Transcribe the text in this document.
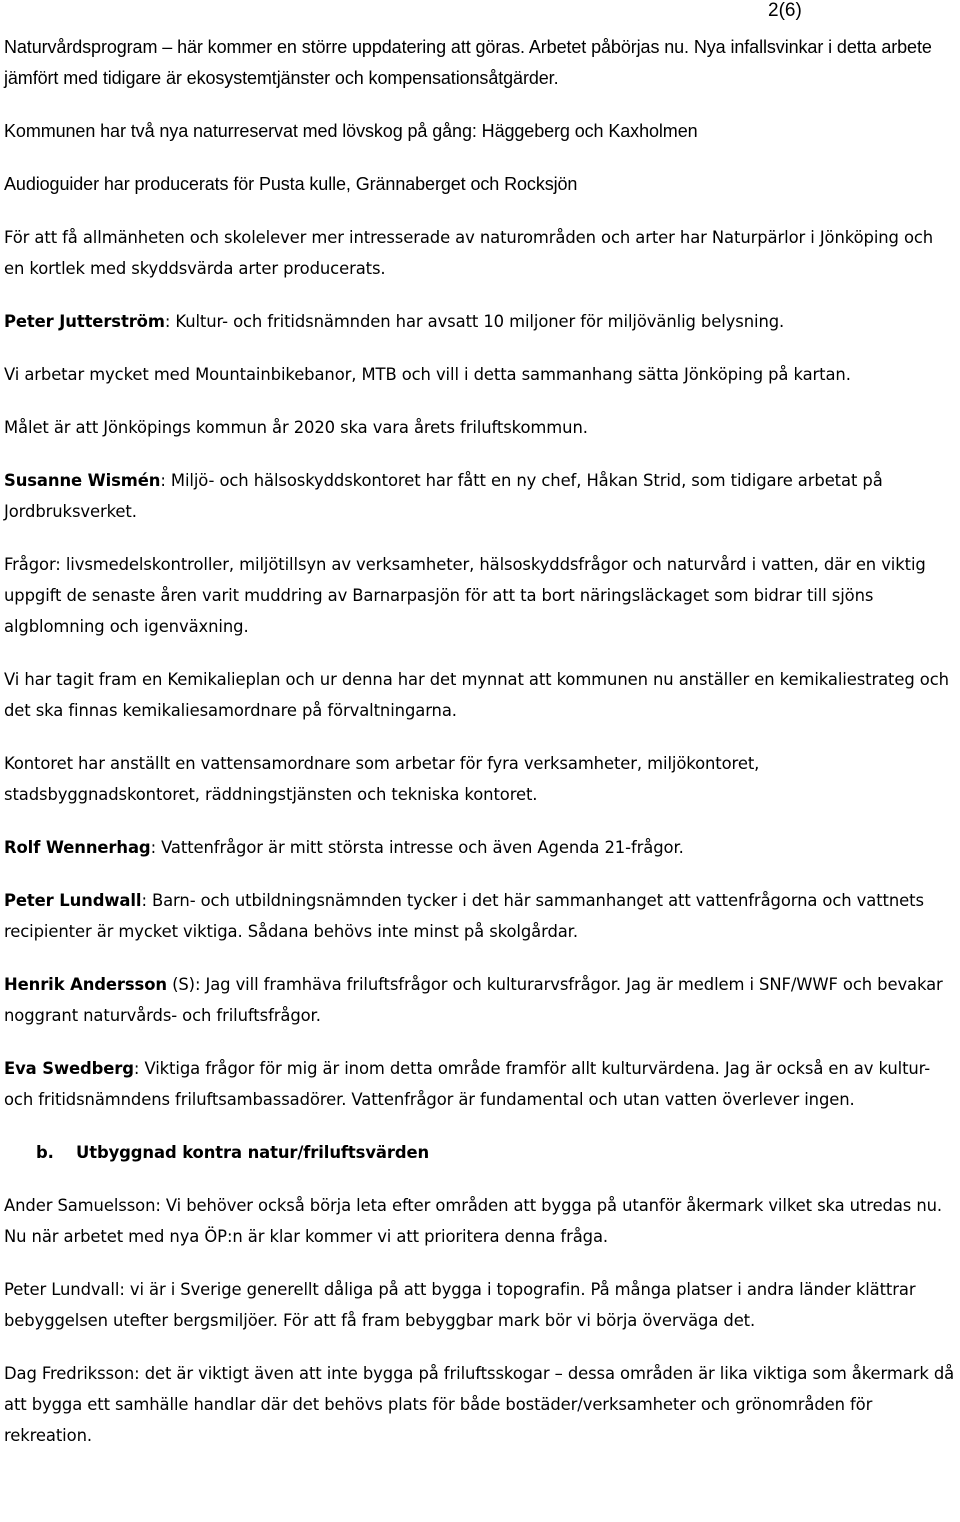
2(6)

Naturvårdsprogram – här kommer en större uppdatering att göras. Arbetet påbörjas nu. Nya infallsvinkar i detta arbete jämfört med tidigare är ekosystemtjänster och kompensationsåtgärder.

Kommunen har två nya naturreservat med lövskog på gång: Häggeberg och Kaxholmen

Audioguider har producerats för Pusta kulle, Grännaberget och Rocksjön

För att få allmänheten och skolelever mer intresserade av naturområden och arter har Naturpärlor i Jönköping och en kortlek med skyddsvärda arter producerats.

Peter Jutterström: Kultur- och fritidsnämnden har avsatt 10 miljoner för miljövänlig belysning.

Vi arbetar mycket med Mountainbikebanor, MTB och vill i detta sammanhang sätta Jönköping på kartan.

Målet är att Jönköpings kommun år 2020 ska vara årets friluftskommun.

Susanne Wismén: Miljö- och hälsoskyddskontoret har fått en ny chef, Håkan Strid, som tidigare arbetat på Jordbruksverket.

Frågor: livsmedelskontroller, miljötillsyn av verksamheter, hälsoskyddsfrågor och naturvård i vatten, där en viktig uppgift de senaste åren varit muddring av Barnarpasjön för att ta bort näringsläckaget som bidrar till sjöns algblomning och igenväxning.

Vi har tagit fram en Kemikalieplan och ur denna har det mynnat att kommunen nu anställer en kemikaliestrateg och det ska finnas kemikaliesamordnare på förvaltningarna.

Kontoret har anställt en vattensamordnare som arbetar för fyra verksamheter, miljökontoret, stadsbyggnadskontoret, räddningstjänsten och tekniska kontoret.

Rolf Wennerhag: Vattenfrågor är mitt största intresse och även Agenda 21-frågor.

Peter Lundwall: Barn- och utbildningsnämnden tycker i det här sammanhanget att vattenfrågorna och vattnets recipienter är mycket viktiga. Sådana behövs inte minst på skolgårdar.

Henrik Andersson (S): Jag vill framhäva friluftsfrågor och kulturarvsfrågor. Jag är medlem i SNF/WWF och bevakar noggrant naturvårds- och friluftsfrågor.

Eva Swedberg: Viktiga frågor för mig är inom detta område framför allt kulturvärdena. Jag är också en av kultur- och fritidsnämndens friluftsambassadörer. Vattenfrågor är fundamental och utan vatten överlever ingen.

b. Utbyggnad kontra natur/friluftsvärden

Ander Samuelsson: Vi behöver också börja leta efter områden att bygga på utanför åkermark vilket ska utredas nu. Nu när arbetet med nya ÖP:n är klar kommer vi att prioritera denna fråga.

Peter Lundvall: vi är i Sverige generellt dåliga på att bygga i topografin. På många platser i andra länder klättrar bebyggelsen utefter bergsmiljöer. För att få fram bebyggbar mark bör vi börja överväga det.

Dag Fredriksson: det är viktigt även att inte bygga på friluftsskogar – dessa områden är lika viktiga som åkermark då att bygga ett samhälle handlar där det behövs plats för både bostäder/verksamheter och grönområden för rekreation.
